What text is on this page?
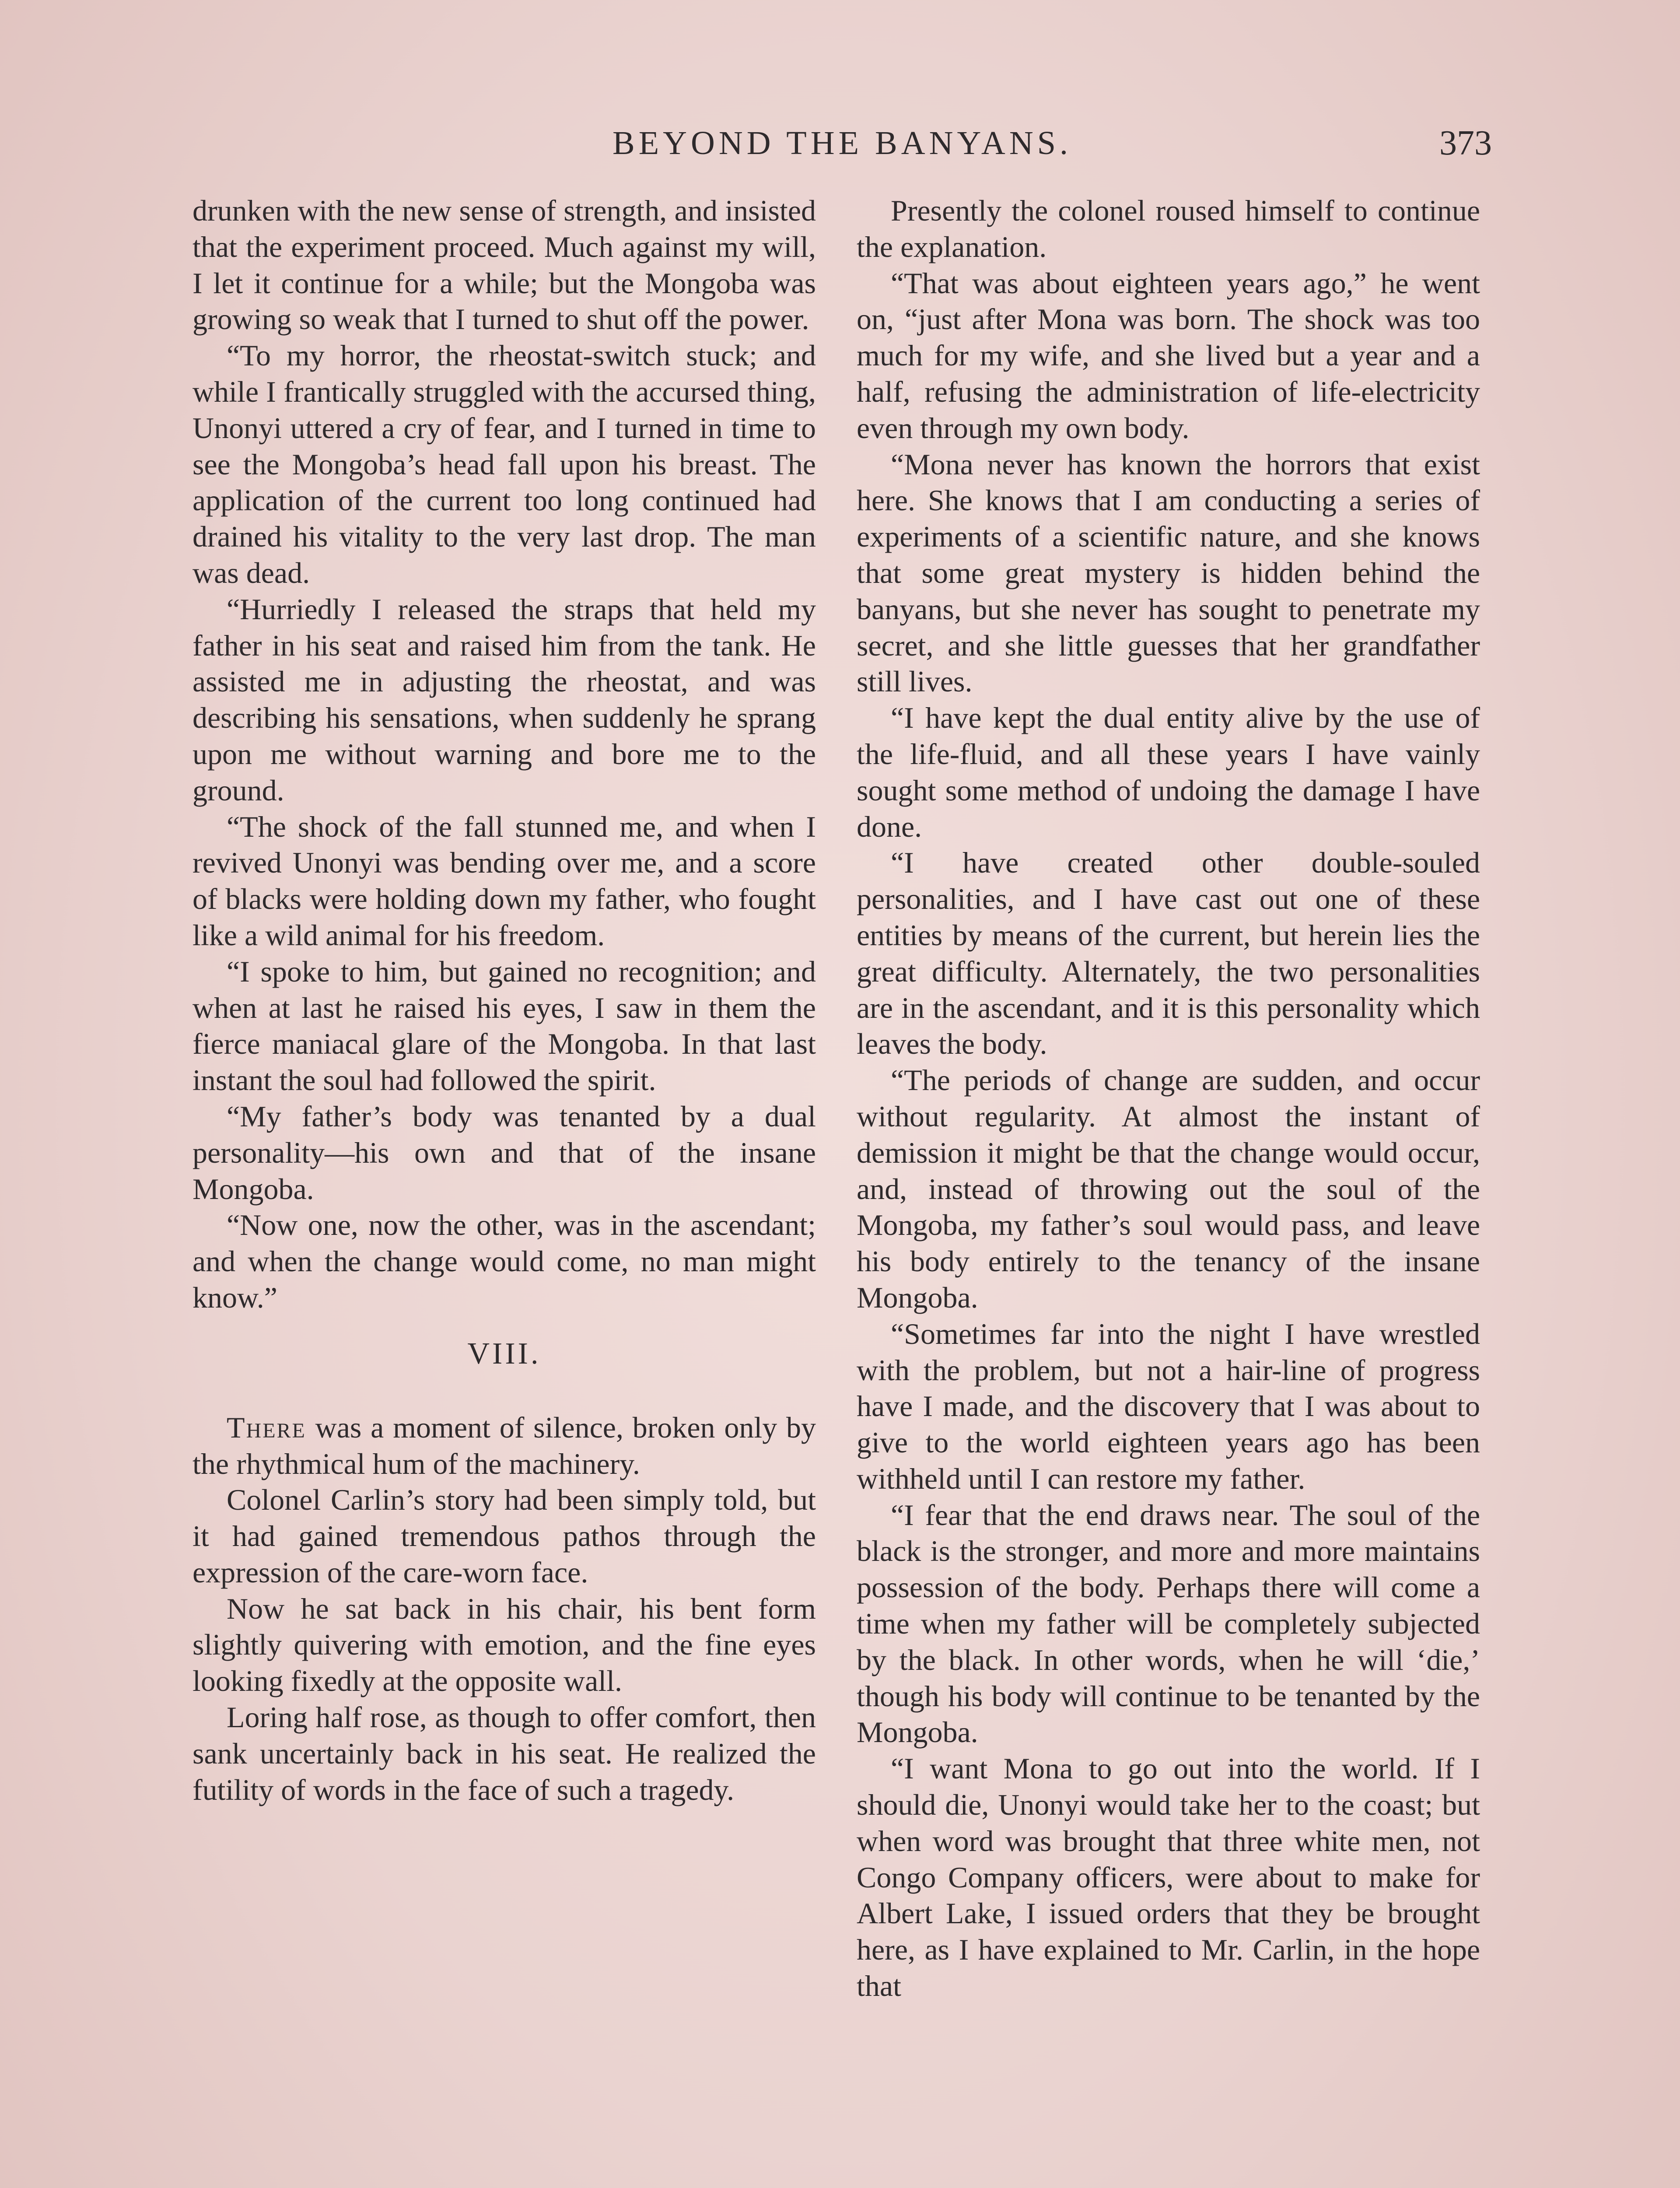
BEYOND THE BANYANS.	373

drunken with the new sense of strength, and insisted that the experiment proceed. Much against my will, I let it continue for a while; but the Mongoba was growing so weak that I turned to shut off the power.

“To my horror, the rheostat-switch stuck; and while I frantically struggled with the accursed thing, Unonyi uttered a cry of fear, and I turned in time to see the Mongoba’s head fall upon his breast. The application of the current too long continued had drained his vitality to the very last drop. The man was dead.

“Hurriedly I released the straps that held my father in his seat and raised him from the tank. He assisted me in adjusting the rheostat, and was describing his sensations, when suddenly he sprang upon me without warning and bore me to the ground.

“The shock of the fall stunned me, and when I revived Unonyi was bending over me, and a score of blacks were holding down my father, who fought like a wild animal for his freedom.

“I spoke to him, but gained no recognition; and when at last he raised his eyes, I saw in them the fierce maniacal glare of the Mongoba. In that last instant the soul had followed the spirit.

“My father’s body was tenanted by a dual personality—his own and that of the insane Mongoba.

“Now one, now the other, was in the ascendant; and when the change would come, no man might know.”

VIII.

There was a moment of silence, broken only by the rhythmical hum of the machinery.

Colonel Carlin’s story had been simply told, but it had gained tremendous pathos through the expression of the care-worn face.

Now he sat back in his chair, his bent form slightly quivering with emotion, and the fine eyes looking fixedly at the opposite wall.

Loring half rose, as though to offer comfort, then sank uncertainly back in his seat. He realized the futility of words in the face of such a tragedy.

Presently the colonel roused himself to continue the explanation.

“That was about eighteen years ago,” he went on, “just after Mona was born. The shock was too much for my wife, and she lived but a year and a half, refusing the administration of life-electricity even through my own body.

“Mona never has known the horrors that exist here. She knows that I am conducting a series of experiments of a scientific nature, and she knows that some great mystery is hidden behind the banyans, but she never has sought to penetrate my secret, and she little guesses that her grandfather still lives.

“I have kept the dual entity alive by the use of the life-fluid, and all these years I have vainly sought some method of undoing the damage I have done.

“I have created other double-souled personalities, and I have cast out one of these entities by means of the current, but herein lies the great difficulty. Alternately, the two personalities are in the ascendant, and it is this personality which leaves the body.

“The periods of change are sudden, and occur without regularity. At almost the instant of demission it might be that the change would occur, and, instead of throwing out the soul of the Mongoba, my father’s soul would pass, and leave his body entirely to the tenancy of the insane Mongoba.

“Sometimes far into the night I have wrestled with the problem, but not a hair-line of progress have I made, and the discovery that I was about to give to the world eighteen years ago has been withheld until I can restore my father.

“I fear that the end draws near. The soul of the black is the stronger, and more and more maintains possession of the body. Perhaps there will come a time when my father will be completely subjected by the black. In other words, when he will ‘die,’ though his body will continue to be tenanted by the Mongoba.

“I want Mona to go out into the world. If I should die, Unonyi would take her to the coast; but when word was brought that three white men, not Congo Company officers, were about to make for Albert Lake, I issued orders that they be brought here, as I have explained to Mr. Carlin, in the hope that
